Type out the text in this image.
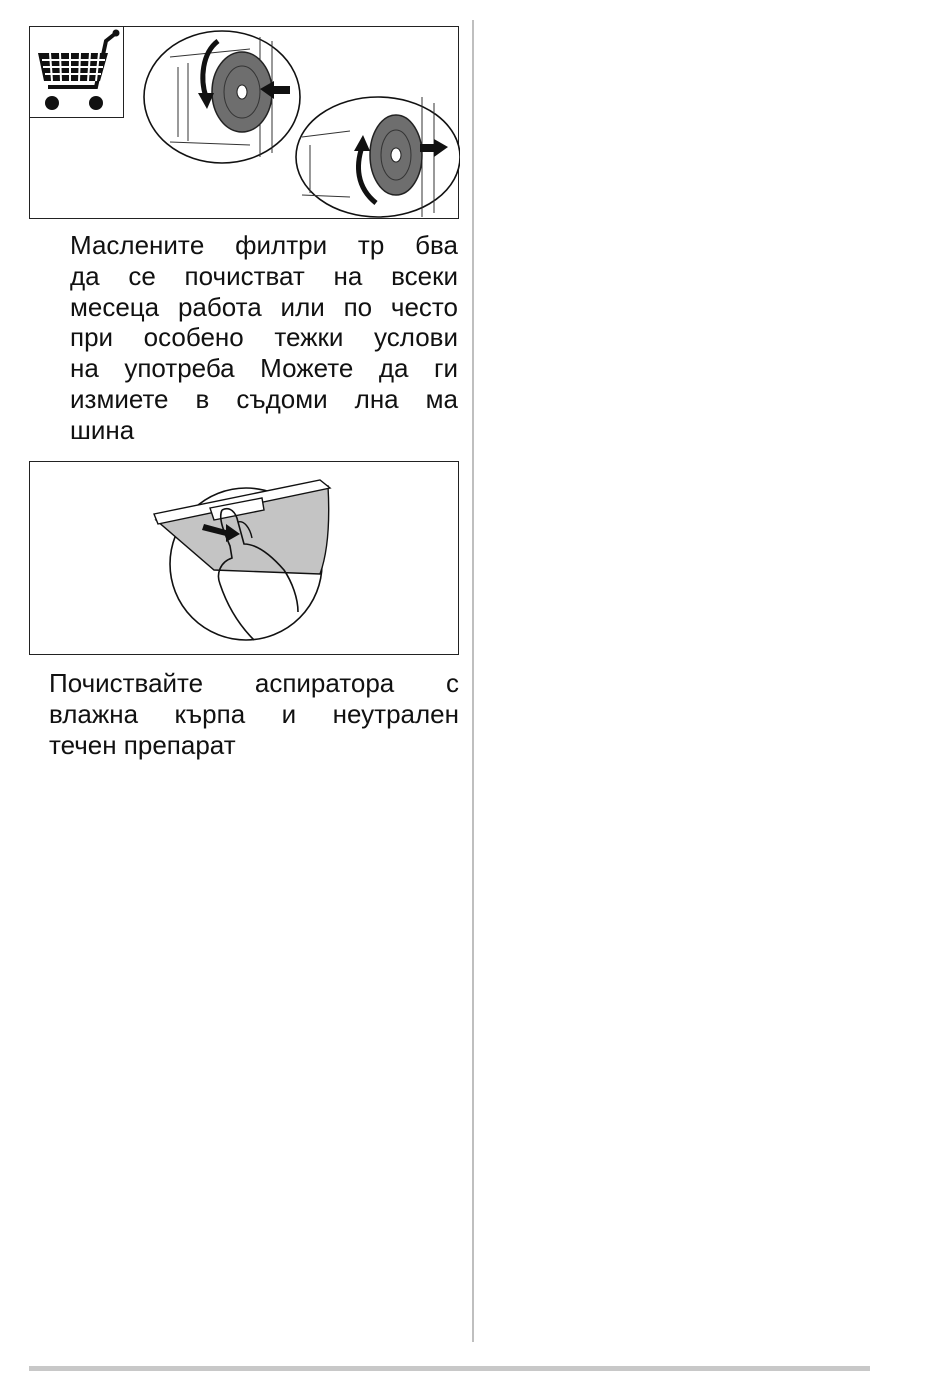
Масленитe филтри тр бва
да се почистват на всеки
месеца работа или по често
при особено тежки услови
на употреба Можете да ги
измиете в съдоми лна ма
шина
Почиствайте аспиратора с
влажна кърпа и неутрален
течен препарат
